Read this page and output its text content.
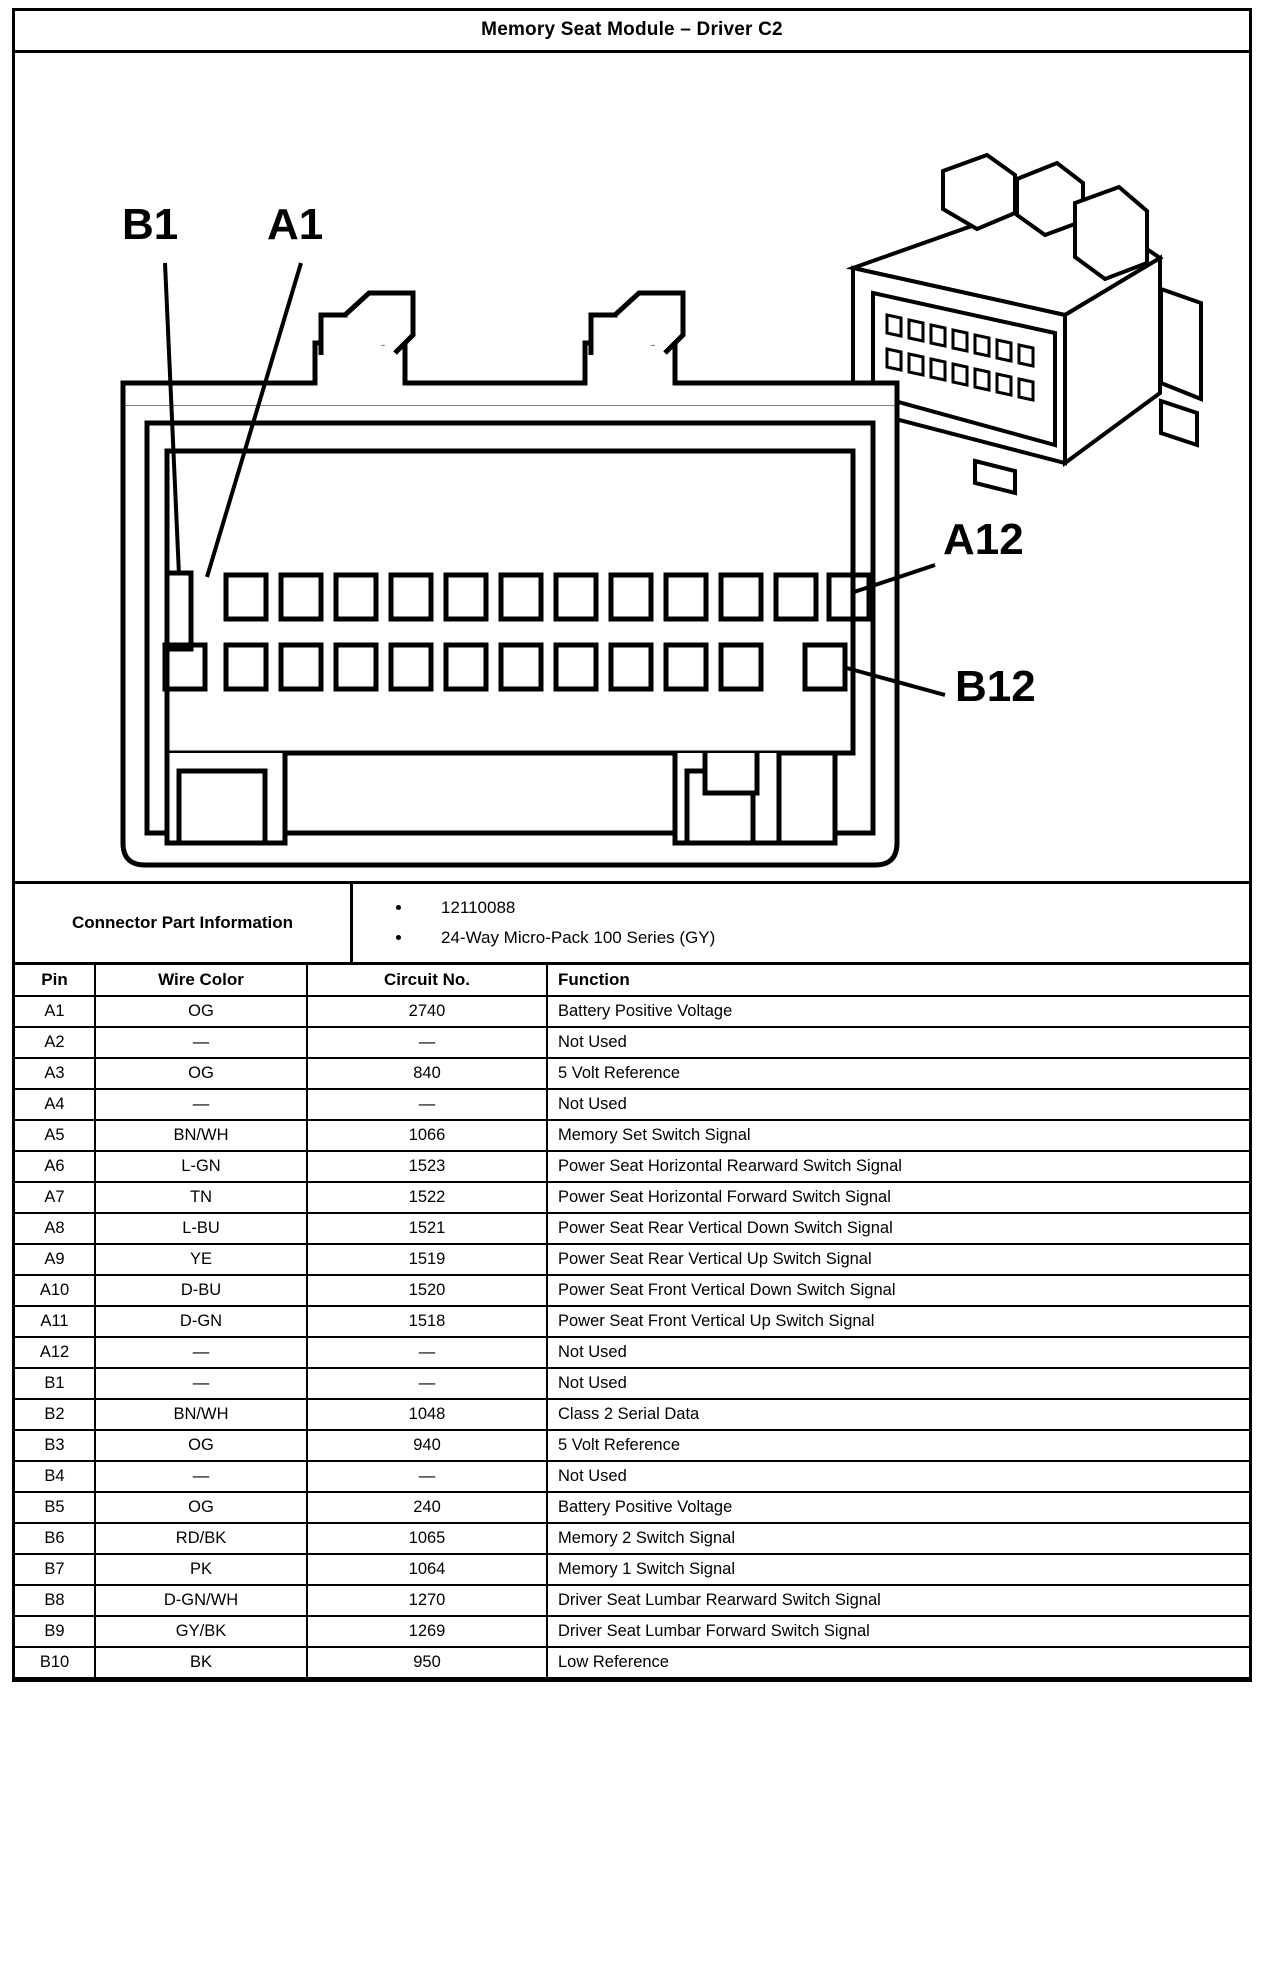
Memory Seat Module – Driver C2
B1 A1
A12
B12
Connector Part Information
• 12110088
• 24-Way Micro-Pack 100 Series (GY)
Pin	Wire Color	Circuit No.	Function
A1	OG	2740	Battery Positive Voltage
A2	—	—	Not Used
A3	OG	840	5 Volt Reference
A4	—	—	Not Used
A5	BN/WH	1066	Memory Set Switch Signal
A6	L-GN	1523	Power Seat Horizontal Rearward Switch Signal
A7	TN	1522	Power Seat Horizontal Forward Switch Signal
A8	L-BU	1521	Power Seat Rear Vertical Down Switch Signal
A9	YE	1519	Power Seat Rear Vertical Up Switch Signal
A10	D-BU	1520	Power Seat Front Vertical Down Switch Signal
A11	D-GN	1518	Power Seat Front Vertical Up Switch Signal
A12	—	—	Not Used
B1	—	—	Not Used
B2	BN/WH	1048	Class 2 Serial Data
B3	OG	940	5 Volt Reference
B4	—	—	Not Used
B5	OG	240	Battery Positive Voltage
B6	RD/BK	1065	Memory 2 Switch Signal
B7	PK	1064	Memory 1 Switch Signal
B8	D-GN/WH	1270	Driver Seat Lumbar Rearward Switch Signal
B9	GY/BK	1269	Driver Seat Lumbar Forward Switch Signal
B10	BK	950	Low Reference
